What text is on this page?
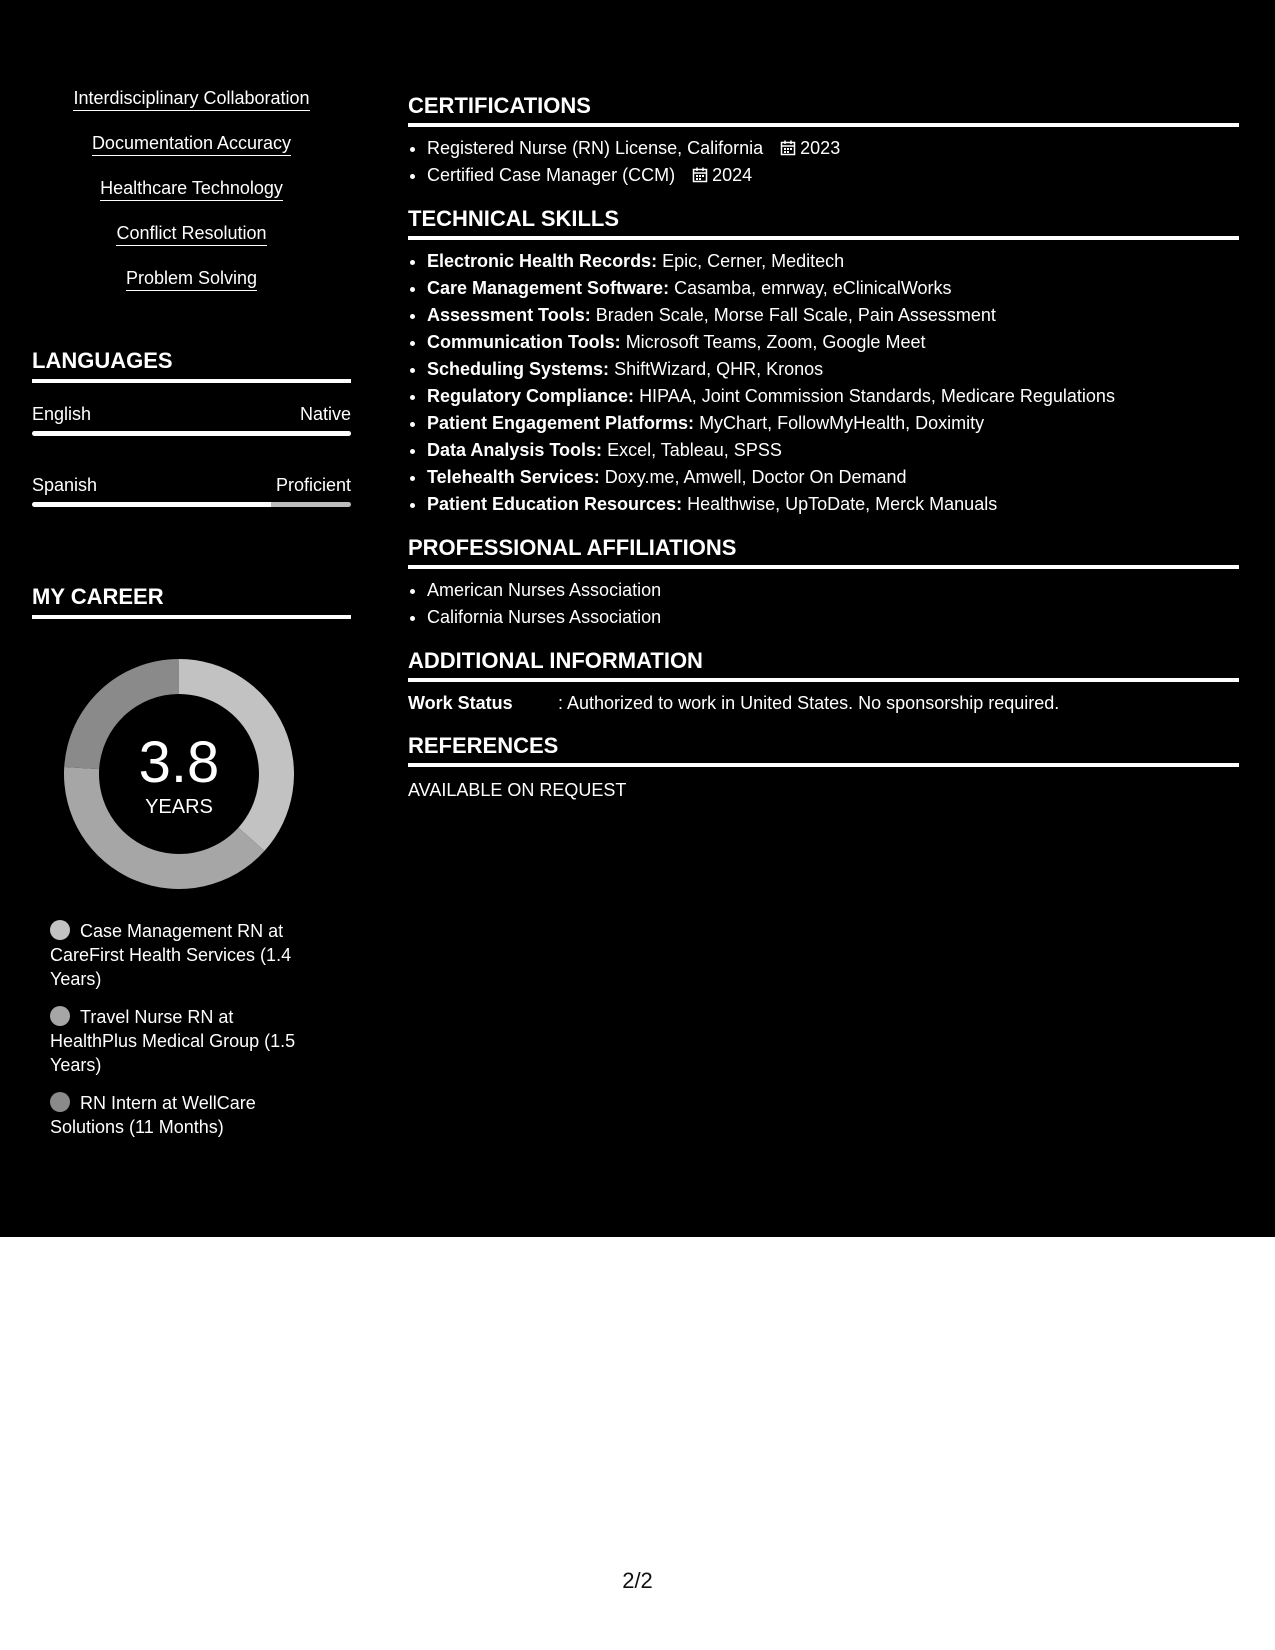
Interdisciplinary Collaboration
Documentation Accuracy
Healthcare Technology
Conflict Resolution
Problem Solving
LANGUAGES
English	Native
Spanish	Proficient
MY CAREER
3.8
YEARS
Case Management RN at CareFirst Health Services (1.4 Years)
Travel Nurse RN at HealthPlus Medical Group (1.5 Years)
RN Intern at WellCare Solutions (11 Months)
CERTIFICATIONS
• Registered Nurse (RN) License, California 2023
• Certified Case Manager (CCM) 2024
TECHNICAL SKILLS
• Electronic Health Records: Epic, Cerner, Meditech
• Care Management Software: Casamba, emrway, eClinicalWorks
• Assessment Tools: Braden Scale, Morse Fall Scale, Pain Assessment
• Communication Tools: Microsoft Teams, Zoom, Google Meet
• Scheduling Systems: ShiftWizard, QHR, Kronos
• Regulatory Compliance: HIPAA, Joint Commission Standards, Medicare Regulations
• Patient Engagement Platforms: MyChart, FollowMyHealth, Doximity
• Data Analysis Tools: Excel, Tableau, SPSS
• Telehealth Services: Doxy.me, Amwell, Doctor On Demand
• Patient Education Resources: Healthwise, UpToDate, Merck Manuals
PROFESSIONAL AFFILIATIONS
• American Nurses Association
• California Nurses Association
ADDITIONAL INFORMATION
Work Status	: Authorized to work in United States. No sponsorship required.
REFERENCES
AVAILABLE ON REQUEST
2/2
